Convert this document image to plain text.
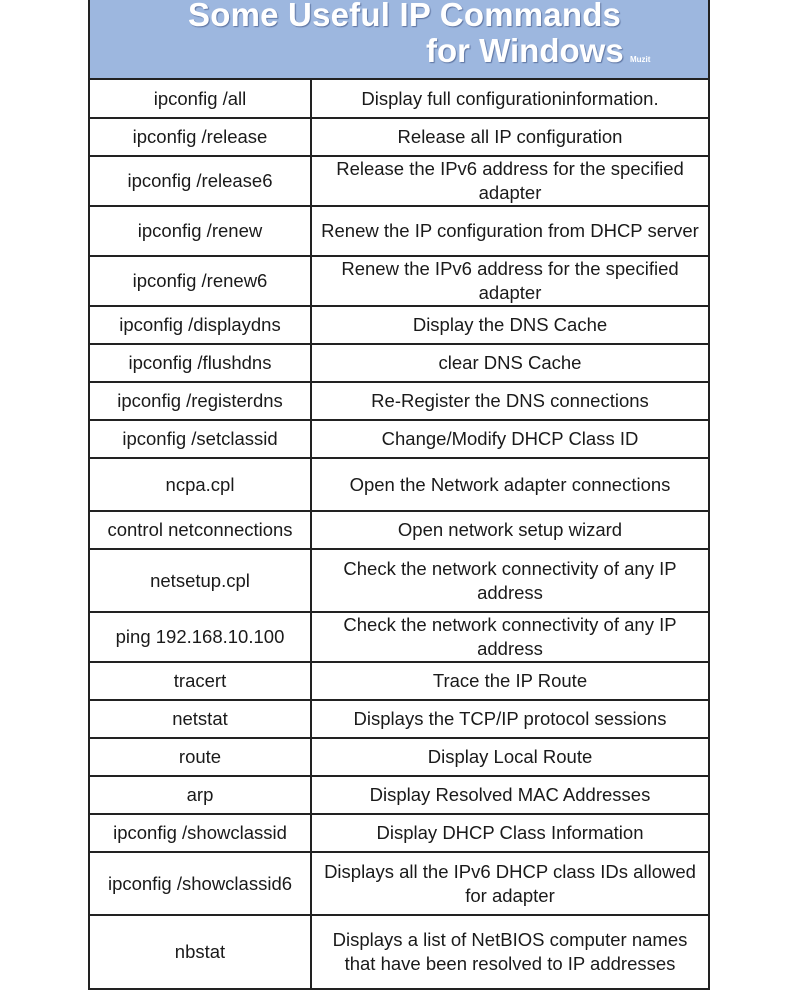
Some Useful IP Commands
for Windows Muzit
ipconfig /all	Display full configurationinformation.
ipconfig /release	Release all IP configuration
ipconfig /release6	Release the IPv6 address for the specified adapter
ipconfig /renew	Renew the IP configuration from DHCP server
ipconfig /renew6	Renew the IPv6 address for the specified adapter
ipconfig /displaydns	Display the DNS Cache
ipconfig /flushdns	clear DNS Cache
ipconfig /registerdns	Re-Register the DNS connections
ipconfig /setclassid	Change/Modify DHCP Class ID
ncpa.cpl	Open the Network adapter connections
control netconnections	Open network setup wizard
netsetup.cpl	Check the network connectivity of any IP address
ping 192.168.10.100	Check the network connectivity of any IP address
tracert	Trace the IP Route
netstat	Displays the TCP/IP protocol sessions
route	Display Local Route
arp	Display Resolved MAC Addresses
ipconfig /showclassid	Display DHCP Class Information
ipconfig /showclassid6	Displays all the IPv6 DHCP class IDs allowed for adapter
nbstat	Displays a list of NetBIOS computer names that have been resolved to IP addresses
